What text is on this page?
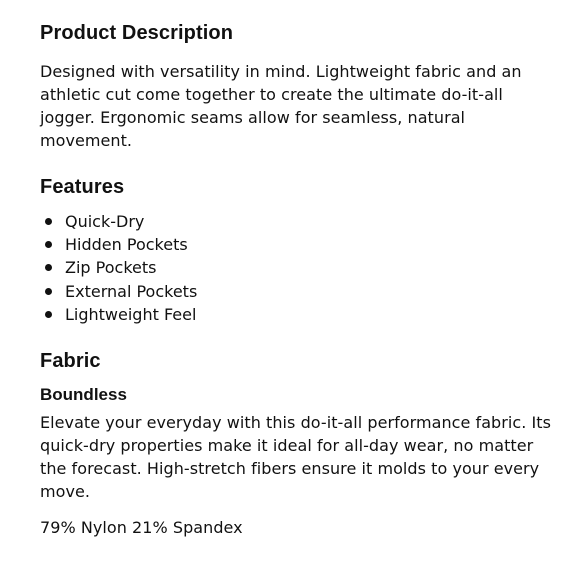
Product Description

Designed with versatility in mind. Lightweight fabric and an athletic cut come together to create the ultimate do-it-all jogger. Ergonomic seams allow for seamless, natural movement.

Features
Quick-Dry
Hidden Pockets
Zip Pockets
External Pockets
Lightweight Feel
Fabric
Boundless

Elevate your everyday with this do-it-all performance fabric. Its quick-dry properties make it ideal for all-day wear, no matter the forecast. High-stretch fibers ensure it molds to your every move.

79% Nylon 21% Spandex
